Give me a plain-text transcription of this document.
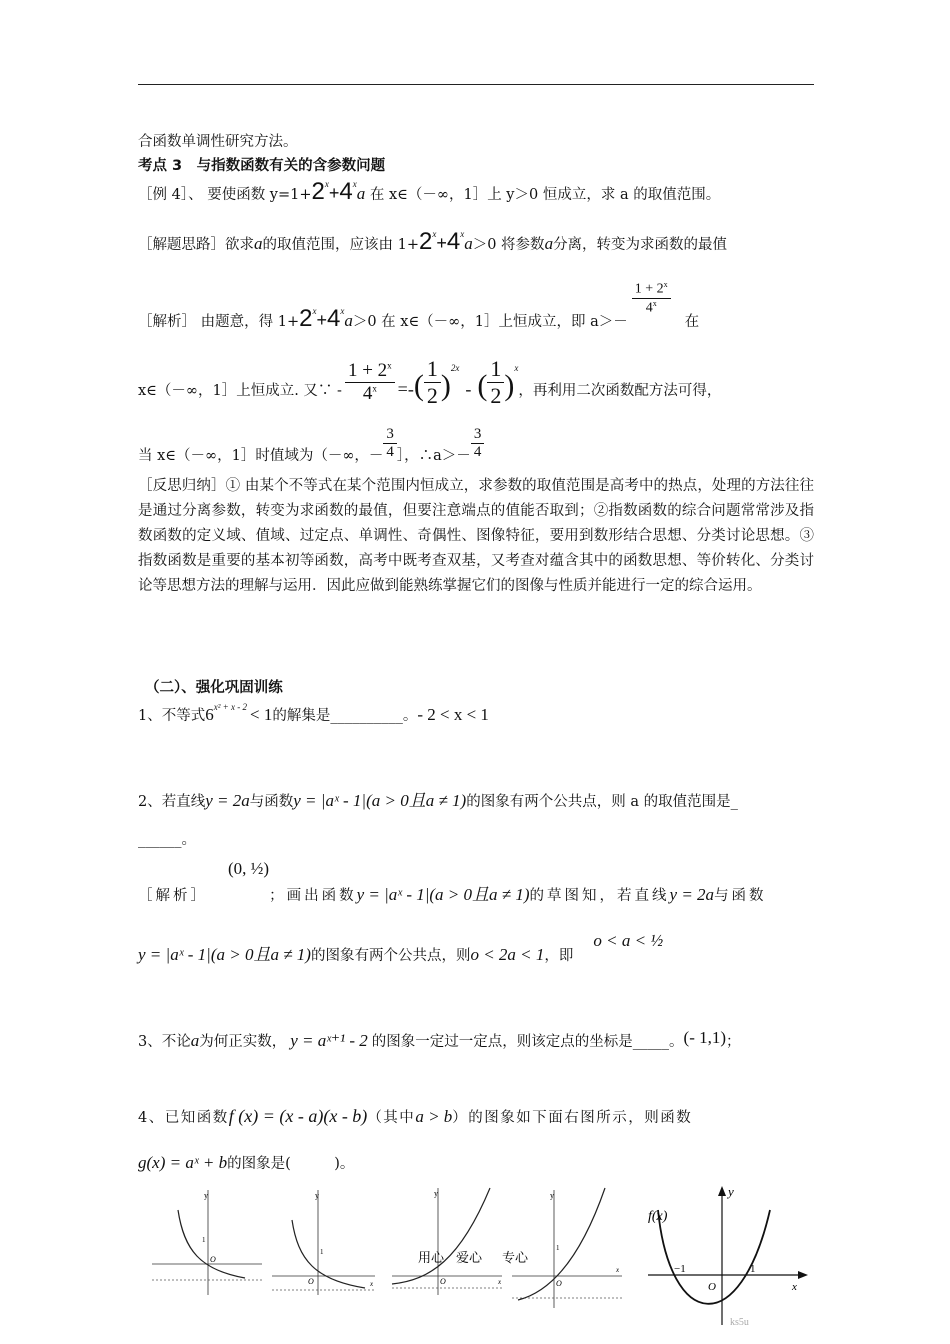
合函数单调性研究方法。
考点 3　与指数函数有关的含参数问题
［例 4］、 要使函数 $y=1+2^x+4^xa$ 在 x∈（－∞，1］上 y＞0 恒成立，求 a 的取值范围。
［解题思路］欲求a的取值范围，应该由 $1+2^x+4^xa>0$ 将参数a分离，转变为求函数的最值
［解析］ 由题意，得 $1+2^x+4^xa>0$ 在 x∈（－∞，1］上恒成立，即 a＞－
$\frac{1 + 2^x}{4^x}$
在
x∈（－∞，1］上恒成立. 又∵ - $\frac{1 + 2^x}{4^x}$ =-( $\frac{1}{2} )^{2x}-$ ( $\frac{1}{2} )^x$，再利用二次函数配方法可得，
当 x∈（－∞，1］时值域为（－∞，－ $\frac{3}{4}$ ］，∴a＞－ $\frac{3}{4}$
［反思归纳］① 由某个不等式在某个范围内恒成立，求参数的取值范围是高考中的热点，处理的方法往往是通过分离参数，转变为求函数的最值，但要注意端点的值能否取到；②指数函数的综合问题常常涉及指数函数的定义域、值域、过定点、单调性、奇偶性、图像特征，要用到数形结合思想、分类讨论思想。③指数函数是重要的基本初等函数，高考中既考查双基，又考查对蕴含其中的函数思想、等价转化、分类讨论等思想方法的理解与运用．因此应做到能熟练掌握它们的图像与性质并能进行一定的综合运用。
（二）、强化巩固训练
1、不等式$6^{x^2 + x - 2} < 1$的解集是__________。- 2 < x < 1
2、若直线y = 2a与函数y = |aˣ - 1|(a > 0且a ≠ 1)的图象有两个公共点，则 a 的取值范围是_
______。
［解析］(0, ½)；画出函数y = |aˣ - 1|(a > 0且a ≠ 1)的草图知，若直线y = 2a与函数
y = |aˣ - 1|(a > 0且a ≠ 1)的图象有两个公共点，则o < 2a < 1，即o < a < ½
3、不论a为何正实数， y = aˣ⁺¹ - 2 的图象一定过一定点，则该定点的坐标是_____。(- 1,1)；
4、已知函数f (x) = (x - a)(x - b)（其中a > b）的图象如下面右图所示，则函数
g(x) = aˣ + b的图象是(　　　)。
y
1
O
y
1
O	x
y
O	x
用心 爱心
y
1
O
x
专心
y
f(x)
−1	1
O	x
ks5u
